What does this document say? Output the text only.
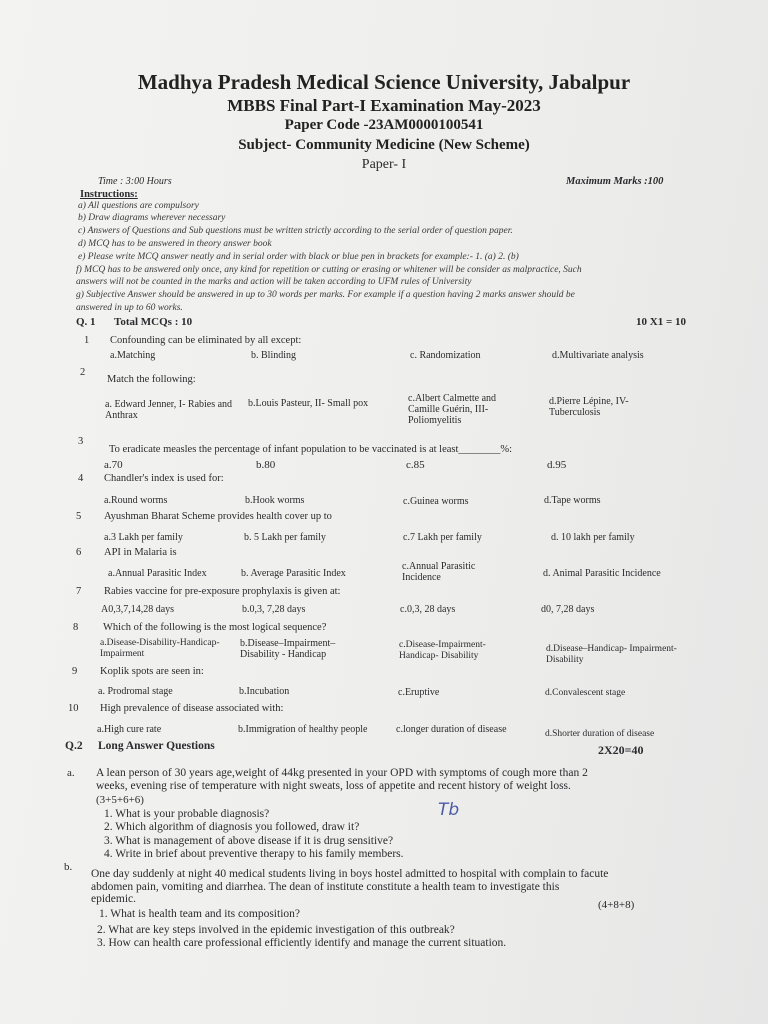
Madhya Pradesh Medical Science University, Jabalpur
MBBS Final Part-I Examination May-2023
Paper Code -23AM0000100541
Subject- Community Medicine (New Scheme)
Paper- I
Time : 3:00 Hours	Maximum Marks :100
Instructions:
a) All questions are compulsory
b) Draw diagrams wherever necessary
c) Answers of Questions and Sub questions must be written strictly according to the serial order of question paper.
d) MCQ has to be answered in theory answer book
e) Please write MCQ answer neatly and in serial order with black or blue pen in brackets for example:- 1. (a) 2. (b)
f) MCQ has to be answered only once, any kind for repetition or cutting or erasing or whitener will be consider as malpractice, Such
answers will not be counted in the marks and action will be taken according to UFM rules of University
g) Subjective Answer should be answered in up to 30 words per marks. For example if a question having 2 marks answer should be
answered in up to 60 works.
Q. 1 Total MCQs : 10	10 X1 = 10
1 Confounding can be eliminated by all except:
a.Matching	b. Blinding	c. Randomization	d.Multivariate analysis
2
Match the following:
a. Edward Jenner, I- Rabies and Anthrax
b.Louis Pasteur, II- Small pox	c.Albert Calmette and Camille Guérin, III- Poliomyelitis
d.Pierre Lépine, IV- Tuberculosis
3
To eradicate measles the percentage of infant population to be vaccinated is at least________%:
a.70	b.80	c.85	d.95
4 Chandler's index is used for:
a.Round worms	b.Hook worms	c.Guinea worms	d.Tape worms
5 Ayushman Bharat Scheme provides health cover up to
a.3 Lakh per family	b. 5 Lakh per family	c.7 Lakh per family	d. 10 lakh per family
6 API in Malaria is
a.Annual Parasitic Index	b. Average Parasitic Index
c.Annual Parasitic Incidence	d. Animal Parasitic Incidence
7 Rabies vaccine for pre-exposure prophylaxis is given at:
A0,3,7,14,28 days	b.0,3, 7,28 days	c.0,3, 28 days	d0, 7,28 days
8 Which of the following is the most logical sequence?
a.Disease-Disability-Handicap-Impairment
b.Disease–Impairment–Disability - Handicap
c.Disease-Impairment-Handicap- Disability
d.Disease–Handicap- Impairment-Disability
9 Koplik spots are seen in:
a. Prodromal stage	b.Incubation	c.Eruptive	d.Convalescent stage
10 High prevalence of disease associated with:
a.High cure rate	b.Immigration of healthy people	c.longer duration of disease	d.Shorter duration of disease
Q.2 Long Answer Questions	2X20=40
a. A lean person of 30 years age,weight of 44kg presented in your OPD with symptoms of cough more than 2
weeks, evening rise of temperature with night sweats, loss of appetite and recent history of weight loss.
(3+5+6+6)
1. What is your probable diagnosis?
2. Which algorithm of diagnosis you followed, draw it?
3. What is management of above disease if it is drug sensitive?
4. Write in brief about preventive therapy to his family members.
Tb
b.
One day suddenly at night 40 medical students living in boys hostel admitted to hospital with complain to facute
abdomen pain, vomiting and diarrhea. The dean of institute constitute a health team to investigate this
epidemic.	(4+8+8)
1. What is health team and its composition?
2. What are key steps involved in the epidemic investigation of this outbreak?
3. How can health care professional efficiently identify and manage the current situation.
